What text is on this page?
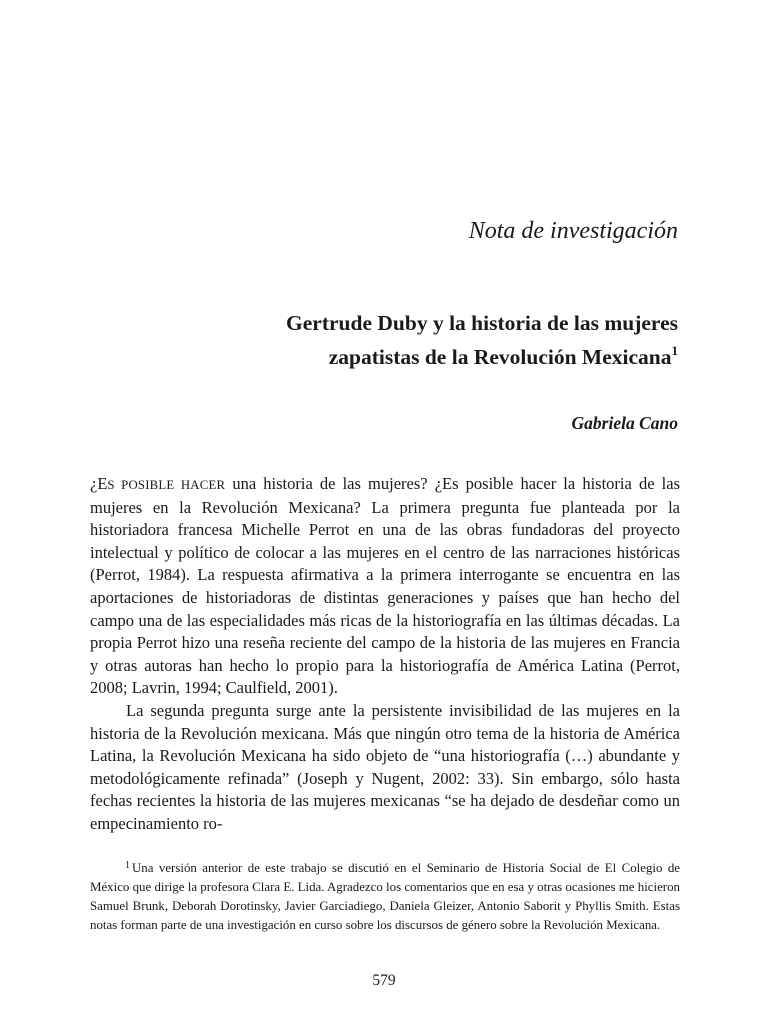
Nota de investigación
Gertrude Duby y la historia de las mujeres
zapatistas de la Revolución Mexicana$^1$
Gabriela Cano

¿ES POSIBLE HACER una historia de las mujeres? ¿Es posible hacer la historia de las mujeres en la Revolución Mexicana? La primera pregunta fue planteada por la historiadora francesa Michelle Perrot en una de las obras fundadoras del proyecto intelectual y político de colocar a las mujeres en el centro de las narraciones históricas (Perrot, 1984). La respuesta afirmativa a la primera interrogante se encuentra en las aportaciones de historiadoras de distintas generaciones y países que han hecho del campo una de las especialidades más ricas de la historiografía en las últimas décadas. La propia Perrot hizo una reseña reciente del campo de la historia de las mujeres en Francia y otras autoras han hecho lo propio para la historiografía de América Latina (Perrot, 2008; Lavrin, 1994; Caulfield, 2001).

La segunda pregunta surge ante la persistente invisibilidad de las mujeres en la historia de la Revolución mexicana. Más que ningún otro tema de la historia de América Latina, la Revolución Mexicana ha sido objeto de “una historiografía (…) abundante y metodológicamente refinada” (Joseph y Nugent, 2002: 33). Sin embargo, sólo hasta fechas recientes la historia de las mujeres mexicanas “se ha dejado de desdeñar como un empecinamiento ro-

$^1$ Una versión anterior de este trabajo se discutió en el Seminario de Historia Social de El Colegio de México que dirige la profesora Clara E. Lida. Agradezco los comentarios que en esa y otras ocasiones me hicieron Samuel Brunk, Deborah Dorotinsky, Javier Garciadiego, Daniela Gleizer, Antonio Saborit y Phyllis Smith. Estas notas forman parte de una investigación en curso sobre los discursos de género sobre la Revolución Mexicana.
579
